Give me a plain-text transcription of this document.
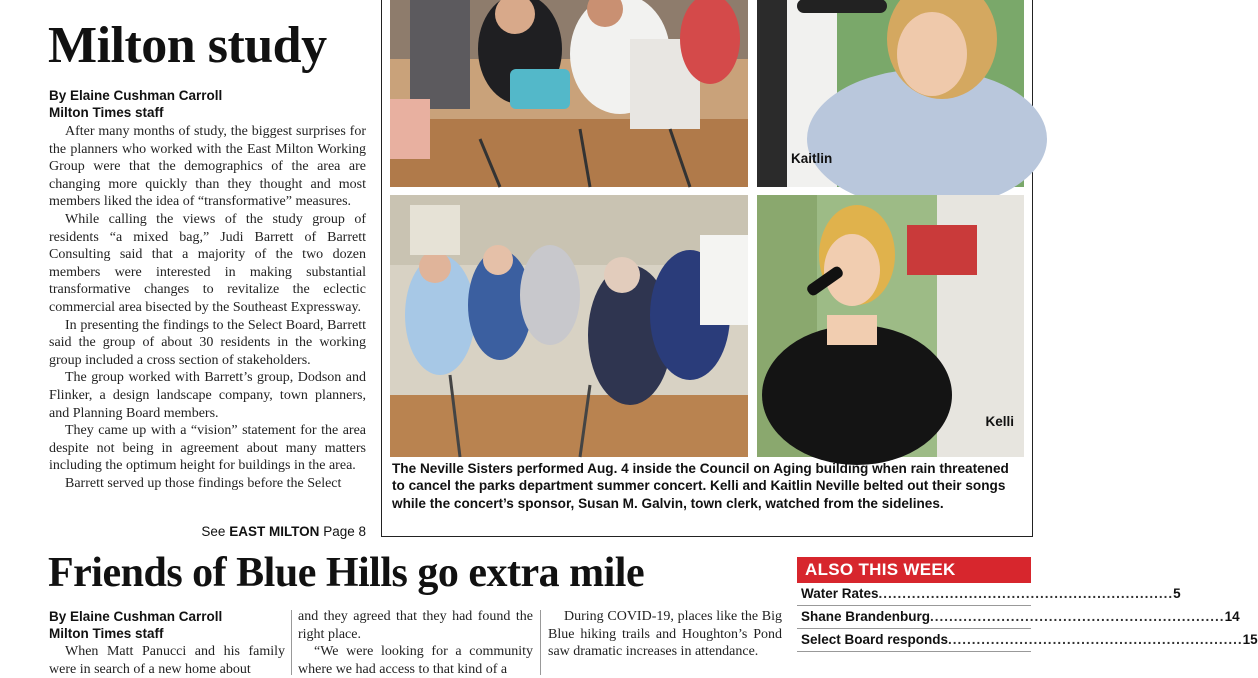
Milton study
By Elaine Cushman Carroll
Milton Times staff

After many months of study, the biggest surprises for the planners who worked with the East Milton Working Group were that the demographics of the area are changing more quickly than they thought and most members liked the idea of “transformative” measures.

While calling the views of the study group of residents “a mixed bag,” Judi Barrett of Barrett Consulting said that a majority of the two dozen members were interested in making substantial transformative changes to revitalize the eclectic commercial area bisected by the Southeast Expressway.

In presenting the findings to the Select Board, Barrett said the group of about 30 residents in the working group included a cross section of stakeholders.

The group worked with Barrett’s group, Dodson and Flinker, a design landscape company, town planners, and Planning Board members.

They came up with a “vision” statement for the area despite not being in agreement about many matters including the optimum height for buildings in the area.

Barrett served up those findings before the Select

See EAST MILTON Page 8
Kaitlin
Kelli
The Neville Sisters performed Aug. 4 inside the Council on Aging building when rain threatened to cancel the parks department summer concert. Kelli and Kaitlin Neville belted out their songs while the concert’s sponsor, Susan M. Galvin, town clerk, watched from the sidelines.
Friends of Blue Hills go extra mile
By Elaine Cushman Carroll
Milton Times staff

When Matt Panucci and his family were in search of a new home about

and they agreed that they had found the right place.

“We were looking for a community where we had access to that kind of a

During COVID-19, places like the Big Blue hiking trails and Houghton’s Pond saw dramatic increases in attendance.

ALSO THIS WEEK
Water Rates .............................................................. 5
Shane Brandenburg .............................................................. 14
Select Board responds .............................................................. 15
